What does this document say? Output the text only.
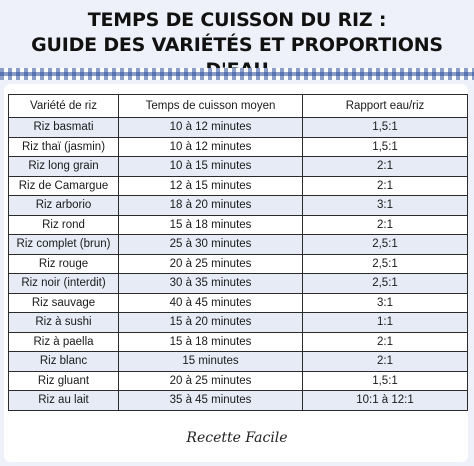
TEMPS DE CUISSON DU RIZ :
GUIDE DES VARIÉTÉS ET PROPORTIONS
Variété de riz	Temps de cuisson moyen	Rapport eau/riz
Riz basmati	10 à 12 minutes	1,5:1
Riz thaï (jasmin)	10 à 12 minutes	1,5:1
Riz long grain	10 à 15 minutes	2:1
Riz de Camargue	12 à 15 minutes	2:1
Riz arborio	18 à 20 minutes	3:1
Riz rond	15 à 18 minutes	2:1
Riz complet (brun)	25 à 30 minutes	2,5:1
Riz rouge	20 à 25 minutes	2,5:1
Riz noir (interdit)	30 à 35 minutes	2,5:1
Riz sauvage	40 à 45 minutes	3:1
Riz à sushi	15 à 20 minutes	1:1
Riz à paella	15 à 18 minutes	2:1
Riz blanc	15 minutes	2:1
Riz gluant	20 à 25 minutes	1,5:1
Riz au lait	35 à 45 minutes	10:1 à 12:1
Recette Facile
